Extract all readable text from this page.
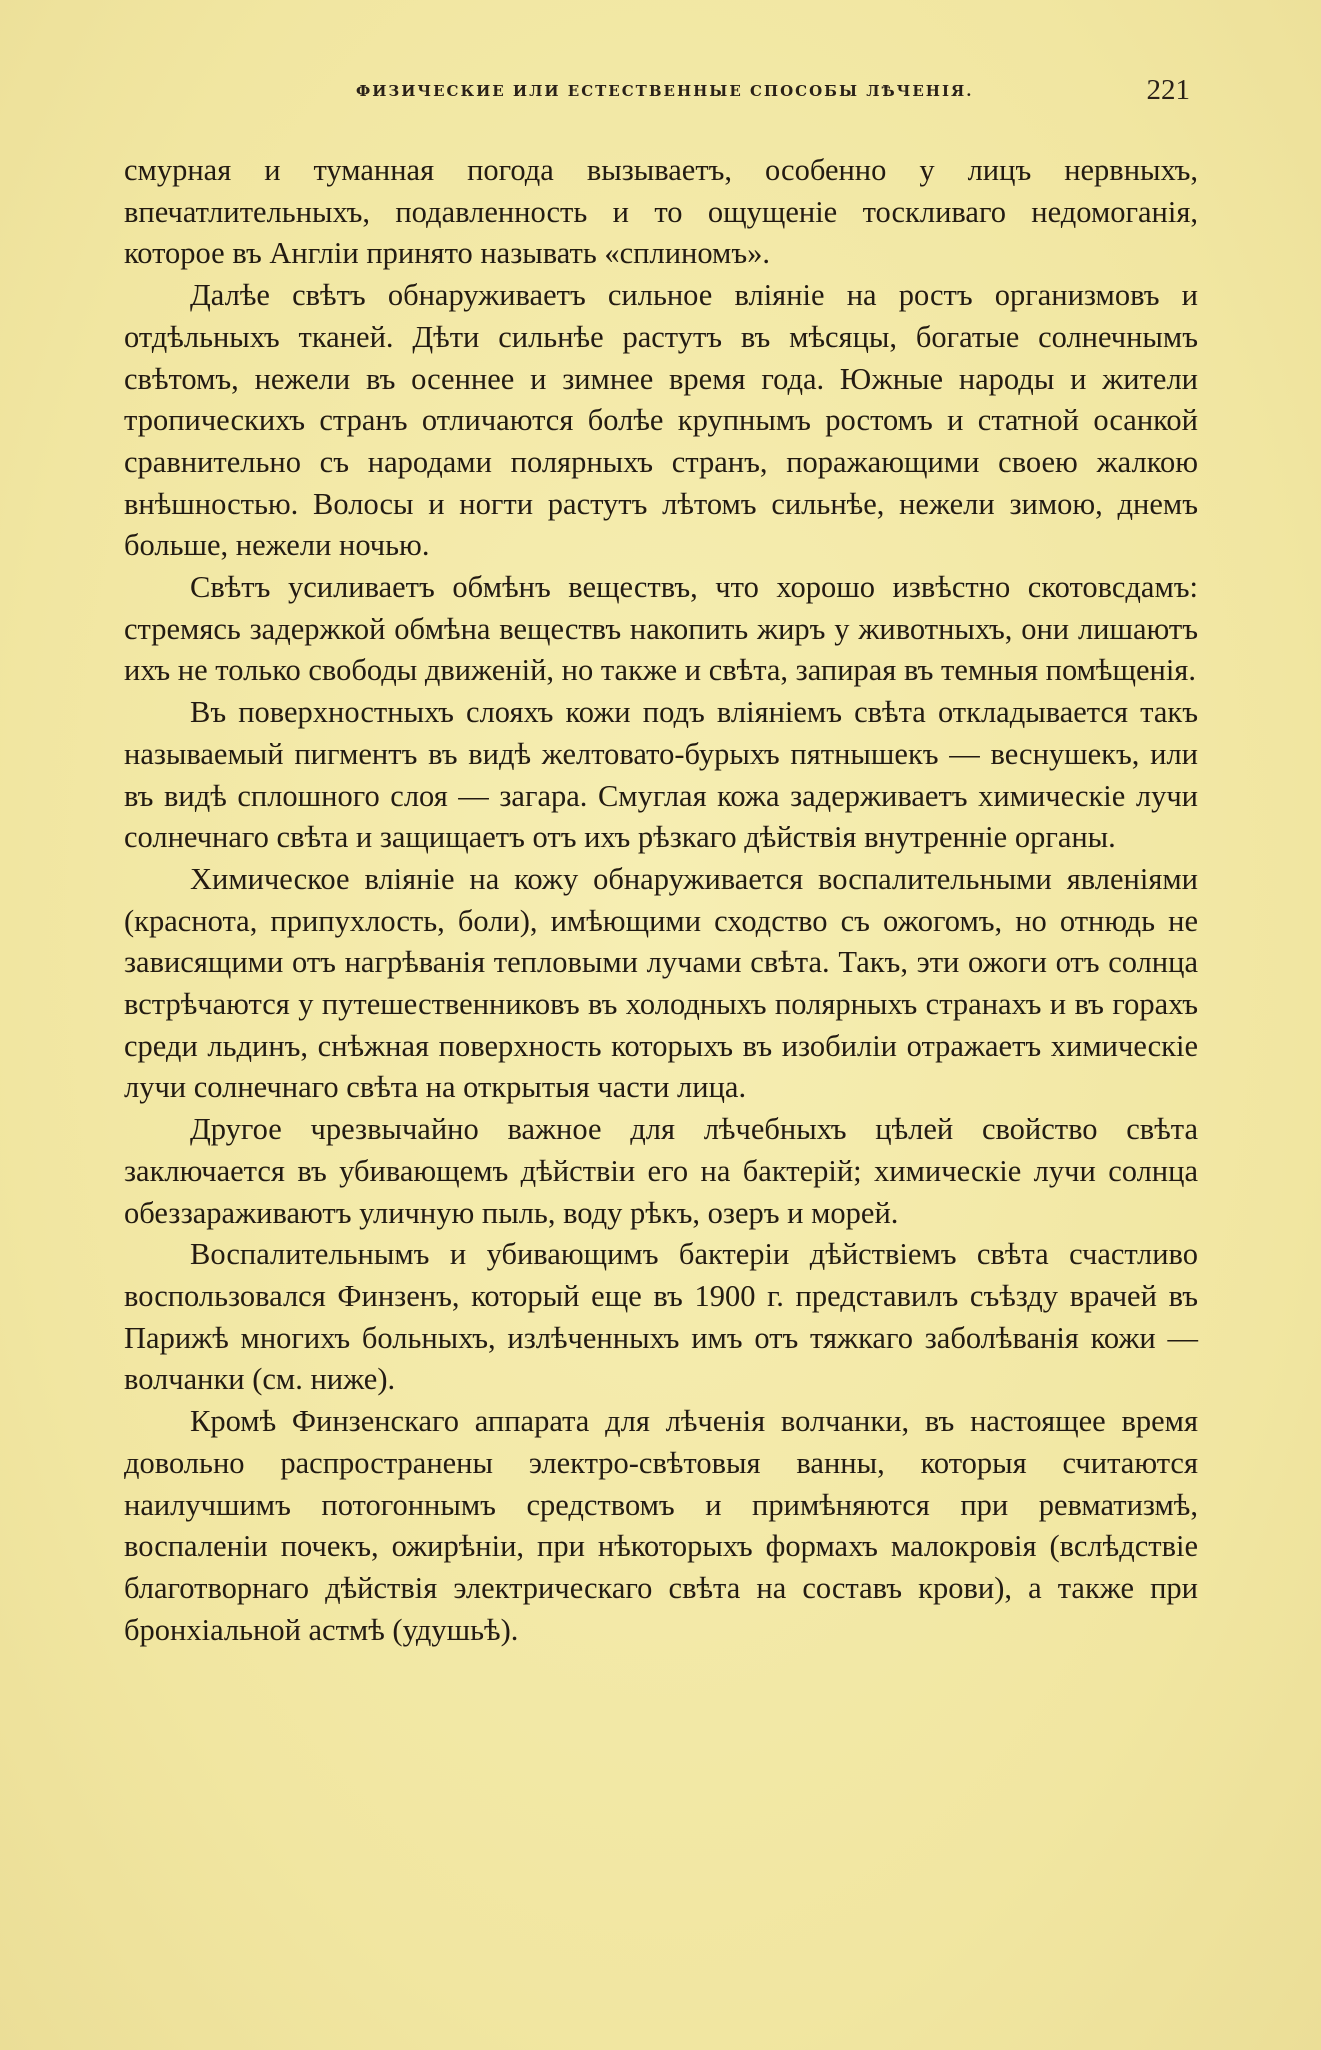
ФИЗИЧЕСКИЕ ИЛИ ЕСТЕСТВЕННЫЕ СПОСОБЫ ЛѢЧЕНІЯ.	221

смурная и туманная погода вызываетъ, особенно у лицъ нервныхъ, впечатлительныхъ, подавленность и то ощущеніе тоскливаго недомоганія, которое въ Англіи принято называть «сплиномъ».

Далѣе свѣтъ обнаруживаетъ сильное вліяніе на ростъ организмовъ и отдѣльныхъ тканей. Дѣти сильнѣе растутъ въ мѣсяцы, богатые солнечнымъ свѣтомъ, нежели въ осеннее и зимнее время года. Южные народы и жители тропическихъ странъ отличаются болѣе крупнымъ ростомъ и статной осанкой сравнительно съ народами полярныхъ странъ, поражающими своею жалкою внѣшностью. Волосы и ногти растутъ лѣтомъ сильнѣе, нежели зимою, днемъ больше, нежели ночью.

Свѣтъ усиливаетъ обмѣнъ веществъ, что хорошо извѣстно скотовсдамъ: стремясь задержкой обмѣна веществъ накопить жиръ у животныхъ, они лишаютъ ихъ не только свободы движеній, но также и свѣта, запирая въ темныя помѣщенія.

Въ поверхностныхъ слояхъ кожи подъ вліяніемъ свѣта откладывается такъ называемый пигментъ въ видѣ желтовато-бурыхъ пятнышекъ — веснушекъ, или въ видѣ сплошного слоя — загара. Смуглая кожа задерживаетъ химическіе лучи солнечнаго свѣта и защищаетъ отъ ихъ рѣзкаго дѣйствія внутренніе органы.

Химическое вліяніе на кожу обнаруживается воспалительными явленіями (краснота, припухлость, боли), имѣющими сходство съ ожогомъ, но отнюдь не зависящими отъ нагрѣванія тепловыми лучами свѣта. Такъ, эти ожоги отъ солнца встрѣчаются у путешественниковъ въ холодныхъ полярныхъ странахъ и въ горахъ среди льдинъ, снѣжная поверхность которыхъ въ изобиліи отражаетъ химическіе лучи солнечнаго свѣта на открытыя части лица.

Другое чрезвычайно важное для лѣчебныхъ цѣлей свойство свѣта заключается въ убивающемъ дѣйствіи его на бактерій; химическіе лучи солнца обеззараживаютъ уличную пыль, воду рѣкъ, озеръ и морей.

Воспалительнымъ и убивающимъ бактеріи дѣйствіемъ свѣта счастливо воспользовался Финзенъ, который еще въ 1900 г. представилъ съѣзду врачей въ Парижѣ многихъ больныхъ, излѣченныхъ имъ отъ тяжкаго заболѣванія кожи — волчанки (см. ниже).

Кромѣ Финзенскаго аппарата для лѣченія волчанки, въ настоящее время довольно распространены электро-свѣтовыя ванны, которыя считаются наилучшимъ потогоннымъ средствомъ и примѣняются при ревматизмѣ, воспаленіи почекъ, ожирѣніи, при нѣкоторыхъ формахъ малокровія (вслѣдствіе благотворнаго дѣйствія электрическаго свѣта на составъ крови), а также при бронхіальной астмѣ (удушьѣ).
